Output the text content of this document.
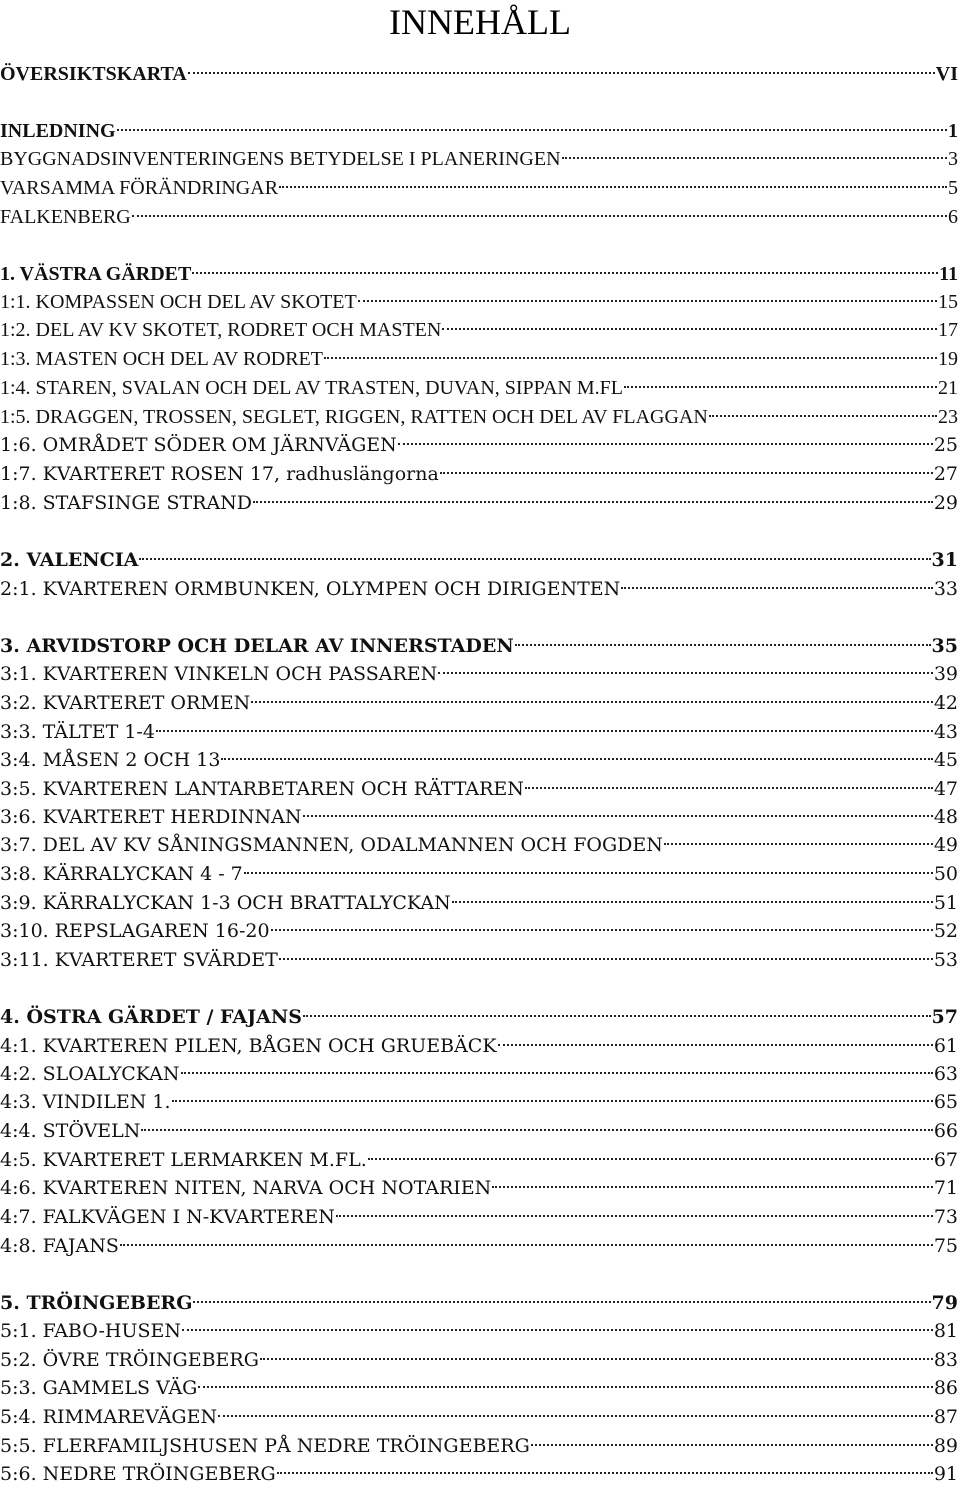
INNEHÅLL
ÖVERSIKTSKARTA	VI
INLEDNING	1
BYGGNADSINVENTERINGENS BETYDELSE I PLANERINGEN	3
VARSAMMA FÖRÄNDRINGAR	5
FALKENBERG	6
1. VÄSTRA GÄRDET	11
1:1. KOMPASSEN OCH DEL AV SKOTET	15
1:2. DEL AV KV SKOTET, RODRET OCH MASTEN	17
1:3. MASTEN OCH DEL AV RODRET	19
1:4. STAREN, SVALAN OCH DEL AV TRASTEN, DUVAN, SIPPAN M.FL	21
1:5. DRAGGEN, TROSSEN, SEGLET, RIGGEN, RATTEN OCH DEL AV FLAGGAN	23
1:6. OMRÅDET SÖDER OM JÄRNVÄGEN	25
1:7. KVARTERET ROSEN 17, radhuslängorna	27
1:8. STAFSINGE STRAND	29
2. VALENCIA	31
2:1. KVARTEREN ORMBUNKEN, OLYMPEN OCH DIRIGENTEN	33
3. ARVIDSTORP OCH DELAR AV INNERSTADEN	35
3:1. KVARTEREN VINKELN OCH PASSAREN	39
3:2. KVARTERET ORMEN	42
3:3. TÄLTET 1-4	43
3:4. MÅSEN 2 OCH 13	45
3:5. KVARTEREN LANTARBETAREN OCH RÄTTAREN	47
3:6. KVARTERET HERDINNAN	48
3:7. DEL AV KV SÅNINGSMANNEN, ODALMANNEN OCH FOGDEN	49
3:8. KÄRRALYCKAN 4 - 7	50
3:9. KÄRRALYCKAN 1-3 OCH BRATTALYCKAN	51
3:10. REPSLAGAREN 16-20	52
3:11. KVARTERET SVÄRDET	53
4. ÖSTRA GÄRDET / FAJANS	57
4:1. KVARTEREN PILEN, BÅGEN OCH GRUEBÄCK	61
4:2. SLOALYCKAN	63
4:3. VINDILEN 1.	65
4:4. STÖVELN	66
4:5. KVARTERET LERMARKEN M.FL.	67
4:6. KVARTEREN NITEN, NARVA OCH NOTARIEN	71
4:7. FALKVÄGEN I N-KVARTEREN	73
4:8. FAJANS	75
5. TRÖINGEBERG	79
5:1. FABO-HUSEN	81
5:2. ÖVRE TRÖINGEBERG	83
5:3. GAMMELS VÄG	86
5:4. RIMMAREVÄGEN	87
5:5. FLERFAMILJSHUSEN PÅ NEDRE TRÖINGEBERG	89
5:6. NEDRE TRÖINGEBERG	91
